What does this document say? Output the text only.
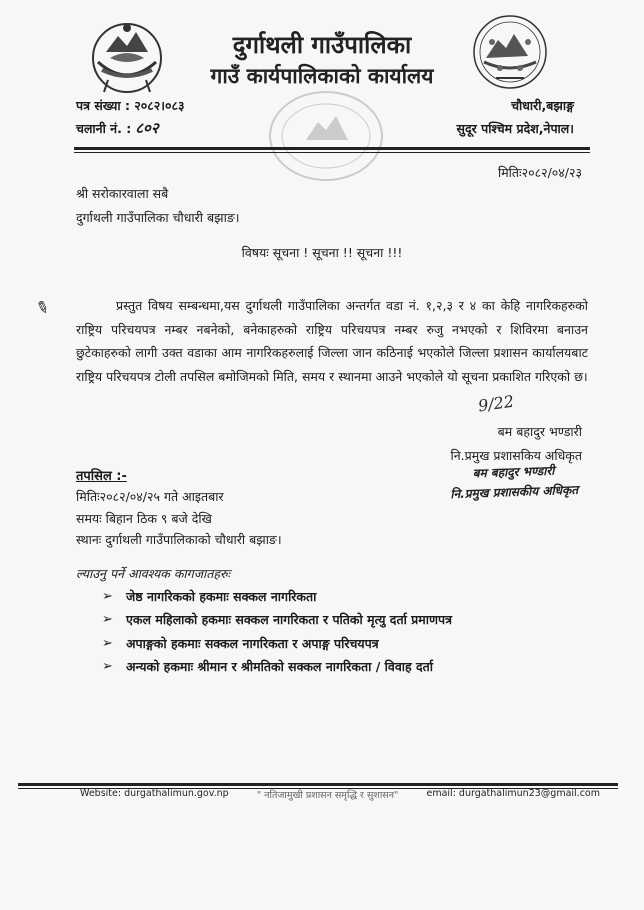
दुर्गाथली गाउँपालिका
गाउँ कार्यपालिकाको कार्यालय
पत्र संख्या : २०८२।०८३
चलानी नं. : ८०२
चौधारी,बझाङ्ग
सुदूर पश्चिम प्रदेश,नेपाल।
मितिः२०८२/०४/२३
श्री सरोकारवाला सबै
दुर्गाथली गाउँपालिका चौधारी बझाङ।
विषयः सूचना ! सूचना !! सूचना !!!
✎	प्रस्तुत विषय सम्बन्धमा,यस दुर्गाथली गाउँपालिका अन्तर्गत वडा नं. १,२,३ र ४ का केहि नागरिकहरुको राष्ट्रिय परिचयपत्र नम्बर नबनेको, बनेकाहरुको राष्ट्रिय परिचयपत्र नम्बर रुजु नभएको र शिविरमा बनाउन छुटेकाहरुको लागी उक्त वडाका आम नागरिकहरुलाई जिल्ला जान कठिनाई भएकोले जिल्ला प्रशासन कार्यालयबाट राष्ट्रिय परिचयपत्र टोली तपसिल बमोजिमको मिति, समय र स्थानमा आउने भएकोले यो सूचना प्रकाशित गरिएको छ।
9/22
बम बहादुर भण्डारी
नि.प्रमुख प्रशासकिय अधिकृत
बम बहादुर भण्डारी
नि.प्रमुख प्रशासकीय अधिकृत
तपसिल :-
मितिः२०८२/०४/२५ गते आइतबार
समयः बिहान ठिक ९ बजे देखि
स्थानः दुर्गाथली गाउँपालिकाको चौधारी बझाङ।
ल्याउनु पर्ने आवश्यक कागजातहरुः
➢	जेष्ठ नागरिकको हकमाः सक्कल नागरिकता
➢	एकल महिलाको हकमाः सक्कल नागरिकता र पतिको मृत्यु दर्ता प्रमाणपत्र
➢	अपाङ्गको हकमाः सक्कल नागरिकता र अपाङ्ग परिचयपत्र
➢	अन्यको हकमाः श्रीमान र श्रीमतिको सक्कल नागरिकता / विवाह दर्ता
Website: durgathalimun.gov.np	" नतिजामुखी प्रशासन समृद्धि र सुशासन"	email: durgathalimun23@gmail.com
